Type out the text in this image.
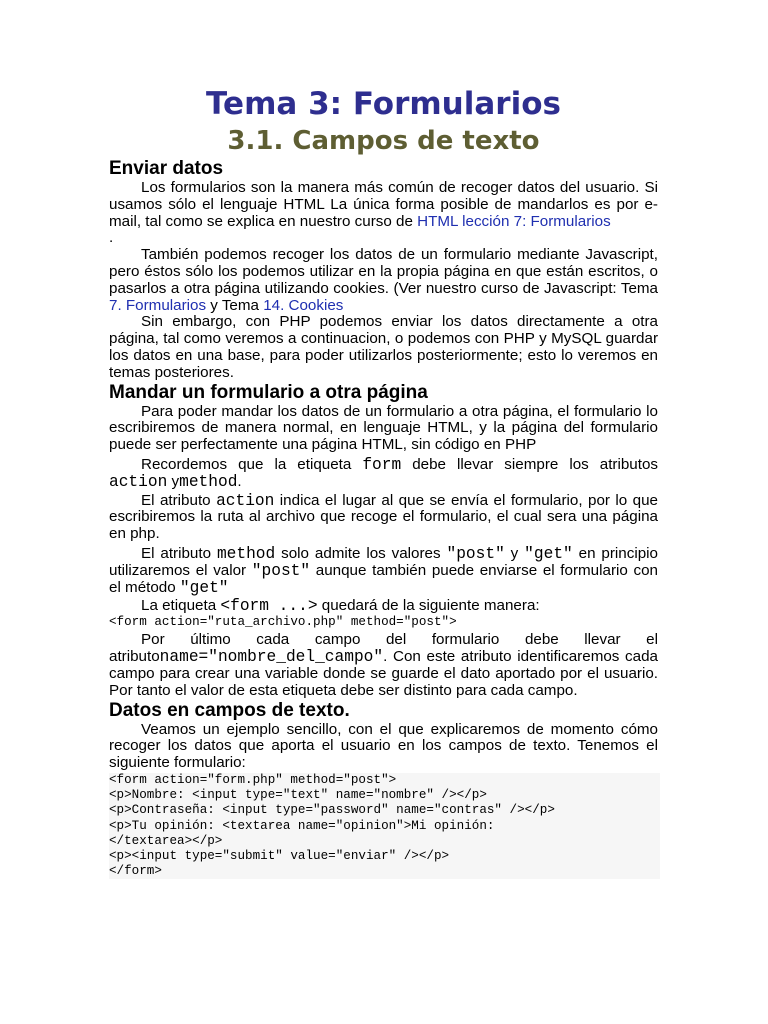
Tema 3: Formularios
3.1. Campos de texto
Enviar datos

Los formularios son la manera más común de recoger datos del usuario. Si usamos sólo el lenguaje HTML La única forma posible de mandarlos es por e-mail, tal como se explica en nuestro curso de HTML lección 7: Formularios

.

También podemos recoger los datos de un formulario mediante Javascript, pero éstos sólo los podemos utilizar en la propia página en que están escritos, o pasarlos a otra página utilizando cookies. (Ver nuestro curso de Javascript: Tema 7. Formularios y Tema 14. Cookies

Sin embargo, con PHP podemos enviar los datos directamente a otra página, tal como veremos a continuacion, o podemos con PHP y MySQL guardar los datos en una base, para poder utilizarlos posteriormente; esto lo veremos en temas posteriores.

Mandar un formulario a otra página

Para poder mandar los datos de un formulario a otra página, el formulario lo escribiremos de manera normal, en lenguaje HTML, y la página del formulario puede ser perfectamente una página HTML, sin código en PHP

Recordemos que la etiqueta form debe llevar siempre los atributos action ymethod.

El atributo action indica el lugar al que se envía el formulario, por lo que escribiremos la ruta al archivo que recoge el formulario, el cual sera una página en php.

El atributo method solo admite los valores "post" y "get" en principio utilizaremos el valor "post" aunque también puede enviarse el formulario con el método "get"

La etiqueta <form ...> quedará de la siguiente manera:

<form action="ruta_archivo.php" method="post">

Por último cada campo del formulario debe llevar el atributoname="nombre_del_campo". Con este atributo identificaremos cada campo para crear una variable donde se guarde el dato aportado por el usuario. Por tanto el valor de esta etiqueta debe ser distinto para cada campo.

Datos en campos de texto.

Veamos un ejemplo sencillo, con el que explicaremos de momento cómo recoger los datos que aporta el usuario en los campos de texto. Tenemos el siguiente formulario:

<form action="form.php" method="post">
<p>Nombre: <input type="text" name="nombre" /></p>
<p>Contraseña: <input type="password" name="contras" /></p>
<p>Tu opinión: <textarea name="opinion">Mi opinión:
</textarea></p>
<p><input type="submit" value="enviar" /></p>
</form>
